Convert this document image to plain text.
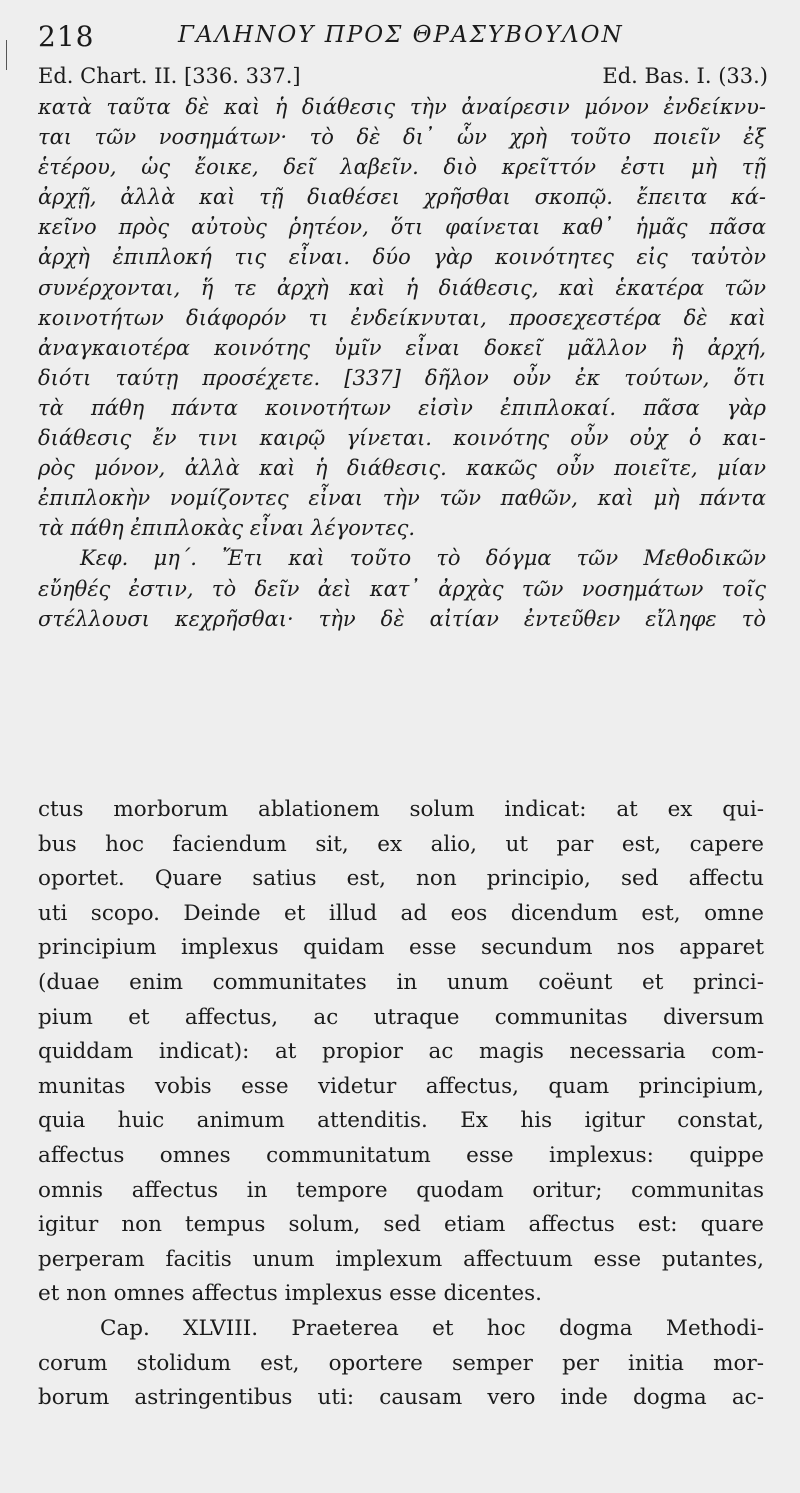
218	ΓΑΛΗΝΟΥ ΠΡΟΣ ΘΡΑΣΥΒΟΥΛΟΝ
Ed. Chart. II. [336. 337.]	Ed. Bas. I. (33.)
κατὰ ταῦτα δὲ καὶ ἡ διάθεσις τὴν ἀναίρεσιν μόνον ἐνδείκνυ-
ται τῶν νοσημάτων· τὸ δὲ δι᾽ ὧν χρὴ τοῦτο ποιεῖν ἐξ
ἑτέρου, ὡς ἔοικε, δεῖ λαβεῖν. διὸ κρεῖττόν ἐστι μὴ τῇ
ἀρχῇ, ἀλλὰ καὶ τῇ διαθέσει χρῆσθαι σκοπῷ. ἔπειτα κά-
κεῖνο πρὸς αὐτοὺς ῥητέον, ὅτι φαίνεται καθ᾽ ἡμᾶς πᾶσα
ἀρχὴ ἐπιπλοκή τις εἶναι. δύο γὰρ κοινότητες εἰς ταὐτὸν
συνέρχονται, ἥ τε ἀρχὴ καὶ ἡ διάθεσις, καὶ ἑκατέρα τῶν
κοινοτήτων διάφορόν τι ἐνδείκνυται, προσεχεστέρα δὲ καὶ
ἀναγκαιοτέρα κοινότης ὑμῖν εἶναι δοκεῖ μᾶλλον ἢ ἀρχή,
διότι ταύτῃ προσέχετε. [337] δῆλον οὖν ἐκ τούτων, ὅτι
τὰ πάθη πάντα κοινοτήτων εἰσὶν ἐπιπλοκαί. πᾶσα γὰρ
διάθεσις ἔν τινι καιρῷ γίνεται. κοινότης οὖν οὐχ ὁ και-
ρὸς μόνον, ἀλλὰ καὶ ἡ διάθεσις. κακῶς οὖν ποιεῖτε, μίαν
ἐπιπλοκὴν νομίζοντες εἶναι τὴν τῶν παθῶν, καὶ μὴ πάντα
τὰ πάθη ἐπιπλοκὰς εἶναι λέγοντες.
Κεφ. μη΄. Ἔτι καὶ τοῦτο τὸ δόγμα τῶν Μεθοδικῶν
εὔηθές ἐστιν, τὸ δεῖν ἀεὶ κατ᾽ ἀρχὰς τῶν νοσημάτων τοῖς
στέλλουσι κεχρῆσθαι· τὴν δὲ αἰτίαν ἐντεῦθεν εἴληφε τὸ
ctus morborum ablationem solum indicat: at ex qui-
bus hoc faciendum sit, ex alio, ut par est, capere
oportet. Quare satius est, non principio, sed affectu
uti scopo. Deinde et illud ad eos dicendum est, omne
principium implexus quidam esse secundum nos apparet
(duae enim communitates in unum coëunt et princi-
pium et affectus, ac utraque communitas diversum
quiddam indicat): at propior ac magis necessaria com-
munitas vobis esse videtur affectus, quam principium,
quia huic animum attenditis. Ex his igitur constat,
affectus omnes communitatum esse implexus: quippe
omnis affectus in tempore quodam oritur; communitas
igitur non tempus solum, sed etiam affectus est: quare
perperam facitis unum implexum affectuum esse putantes,
et non omnes affectus implexus esse dicentes.
Cap. XLVIII. Praeterea et hoc dogma Methodi-
corum stolidum est, oportere semper per initia mor-
borum astringentibus uti: causam vero inde dogma ac-
